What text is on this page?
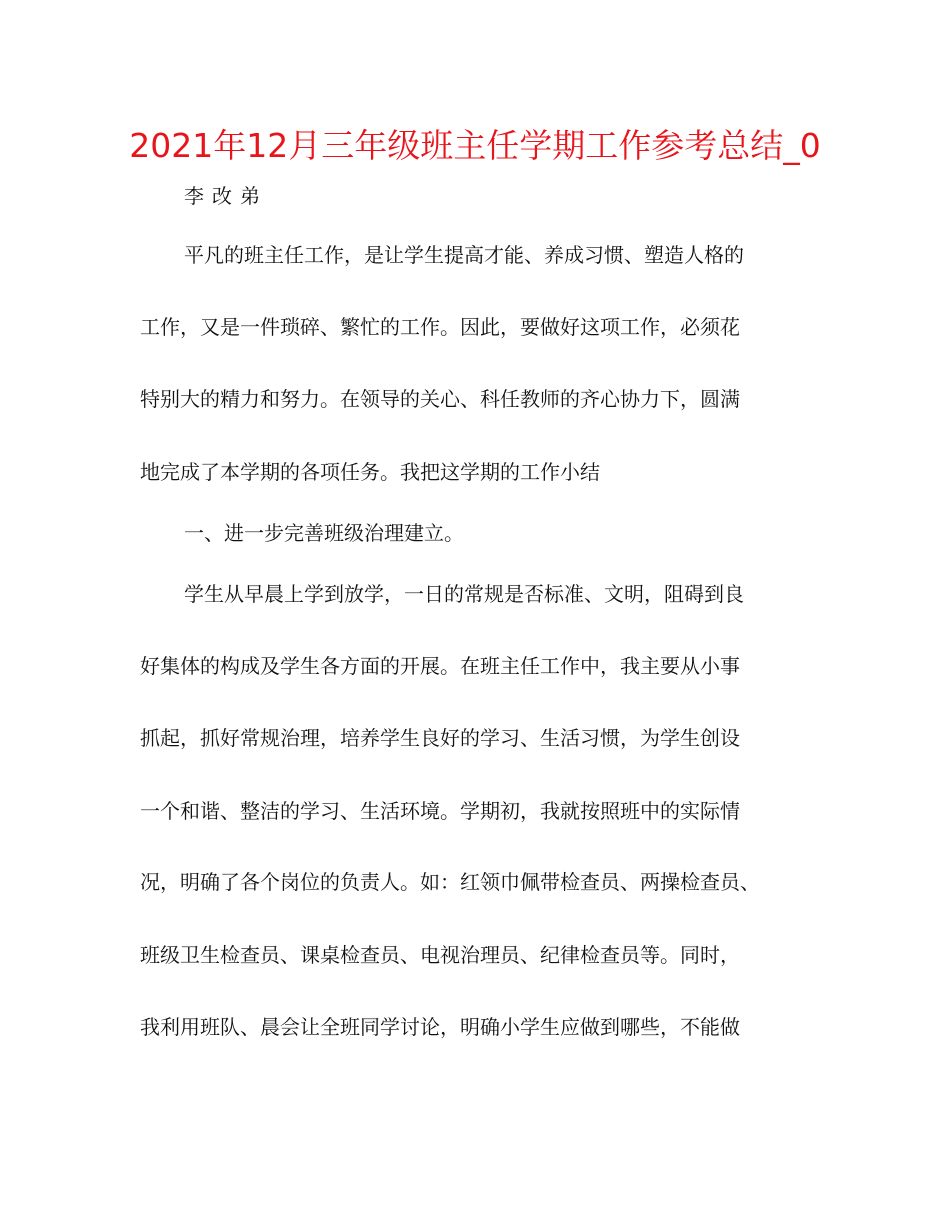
2021年12月三年级班主任学期工作参考总结_0
李改弟
平凡的班主任工作，是让学生提高才能、养成习惯、塑造人格的
工作，又是一件琐碎、繁忙的工作。因此，要做好这项工作，必须花
特别大的精力和努力。在领导的关心、科任教师的齐心协力下，圆满
地完成了本学期的各项任务。我把这学期的工作小结
一、进一步完善班级治理建立。
学生从早晨上学到放学，一日的常规是否标准、文明，阻碍到良
好集体的构成及学生各方面的开展。在班主任工作中，我主要从小事
抓起，抓好常规治理，培养学生良好的学习、生活习惯，为学生创设
一个和谐、整洁的学习、生活环境。学期初，我就按照班中的实际情
况，明确了各个岗位的负责人。如：红领巾佩带检查员、两操检查员、
班级卫生检查员、课桌检查员、电视治理员、纪律检查员等。同时，
我利用班队、晨会让全班同学讨论，明确小学生应做到哪些，不能做
